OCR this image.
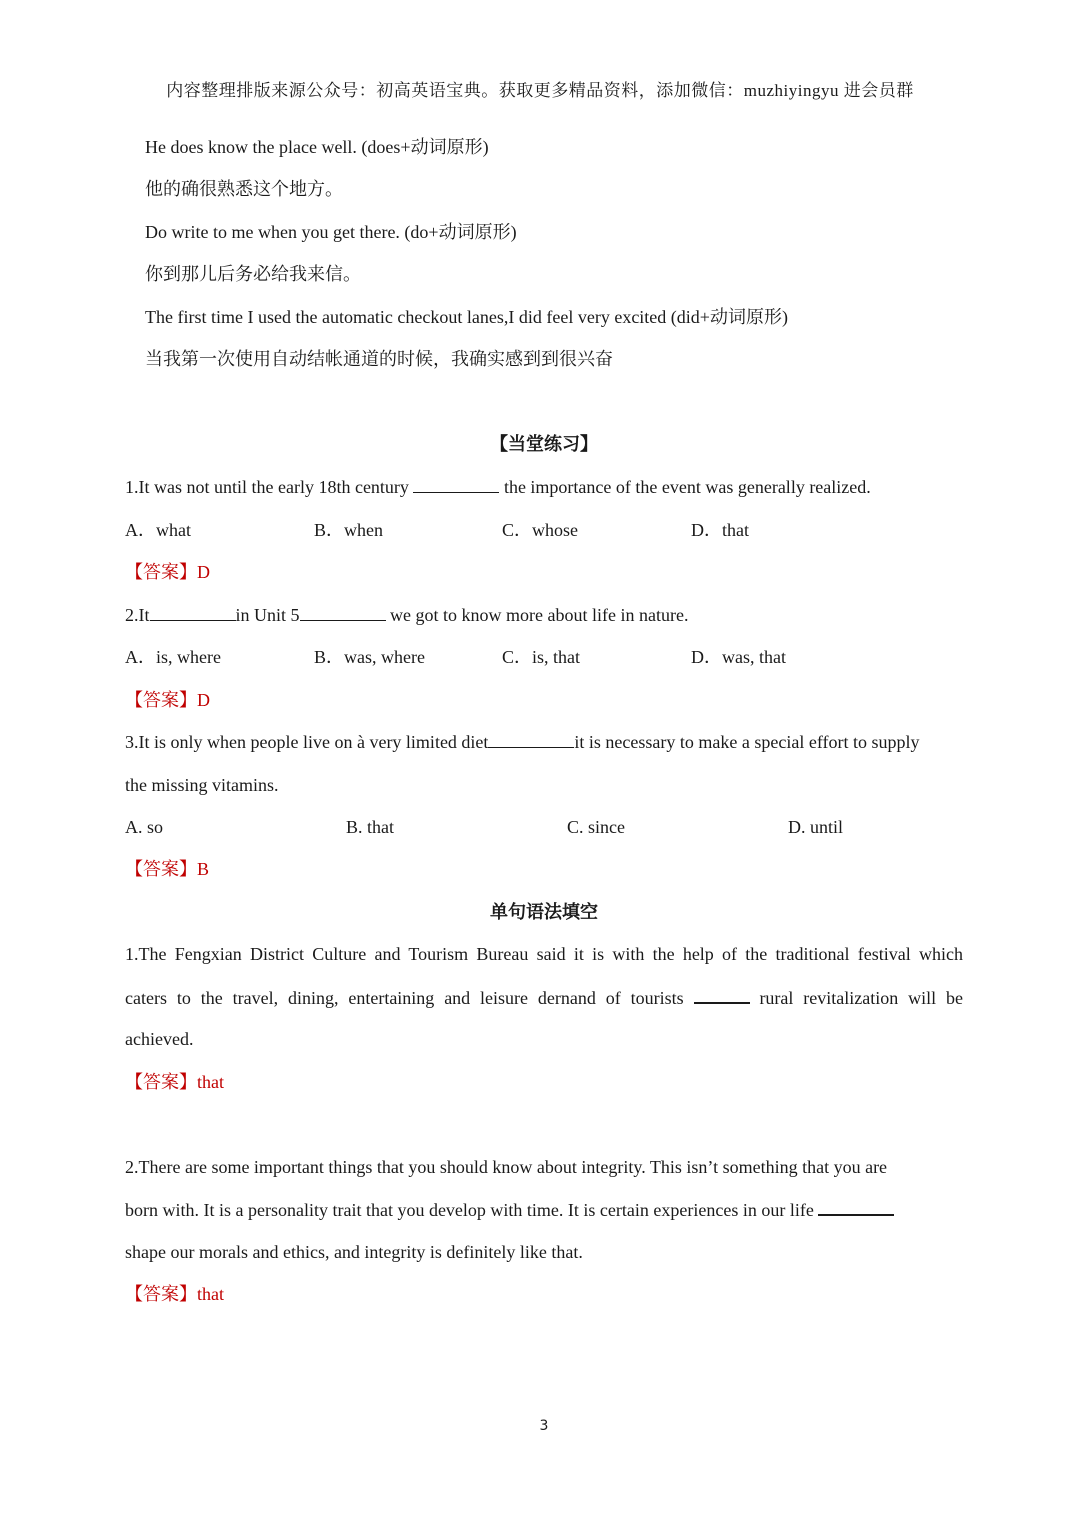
内容整理排版来源公众号：初高英语宝典。获取更多精品资料，添加微信：muzhiyingyu 进会员群
He does know the place well. (does+动词原形)
他的确很熟悉这个地方。
Do write to me when you get there. (do+动词原形)
你到那儿后务必给我来信。
The first time I used the automatic checkout lanes,I did feel very excited (did+动词原形)
当我第一次使用自动结帐通道的时候，我确实感到到很兴奋
【当堂练习】
1.It was not until the early 18th century	the importance of the event was generally realized.
A．what	B．when	C．whose	D．that
【答案】D
2.It	in Unit 5	we got to know more about life in nature.
A．is, where	B．was, where	C．is, that	D．was, that
【答案】D
3.It is only when people live on à very limited diet	it is necessary to make a special effort to supply
the missing vitamins.
A. so	B. that	C. since	D. until
【答案】B
单句语法填空
1.The Fengxian District Culture and Tourism Bureau said it is with the help of the traditional festival which
caters to the travel, dining, entertaining and leisure dernand of tourists	rural revitalization will be
achieved.
【答案】that
2.There are some important things that you should know about integrity. This isn’t something that you are
born with. It is a personality trait that you develop with time. It is certain experiences in our life
shape our morals and ethics, and integrity is definitely like that.
【答案】that
3
